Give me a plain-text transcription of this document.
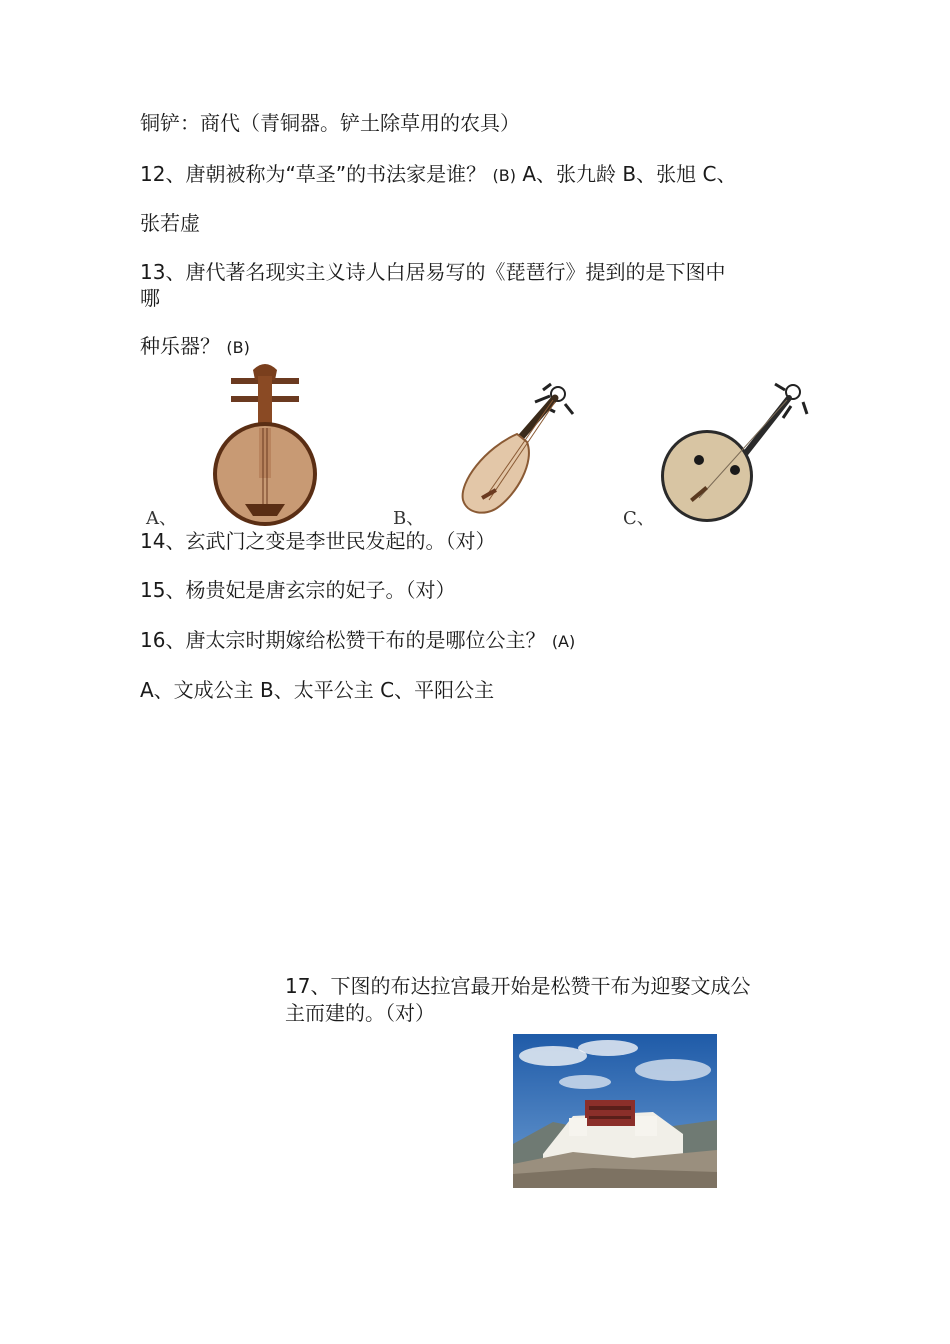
铜铲：商代（青铜器。铲土除草用的农具）
12、唐朝被称为“草圣”的书法家是谁？ (B) A、张九龄 B、张旭 C、
张若虚
13、唐代著名现实主义诗人白居易写的《琵琶行》提到的是下图中
哪
种乐器？ (B)
A、	B、	C、
14、玄武门之变是李世民发起的。（对）
15、杨贵妃是唐玄宗的妃子。（对）
16、唐太宗时期嫁给松赞干布的是哪位公主？ (A)
A、文成公主 B、太平公主 C、平阳公主
17、下图的布达拉宫最开始是松赞干布为迎娶文成公
主而建的。（对）
